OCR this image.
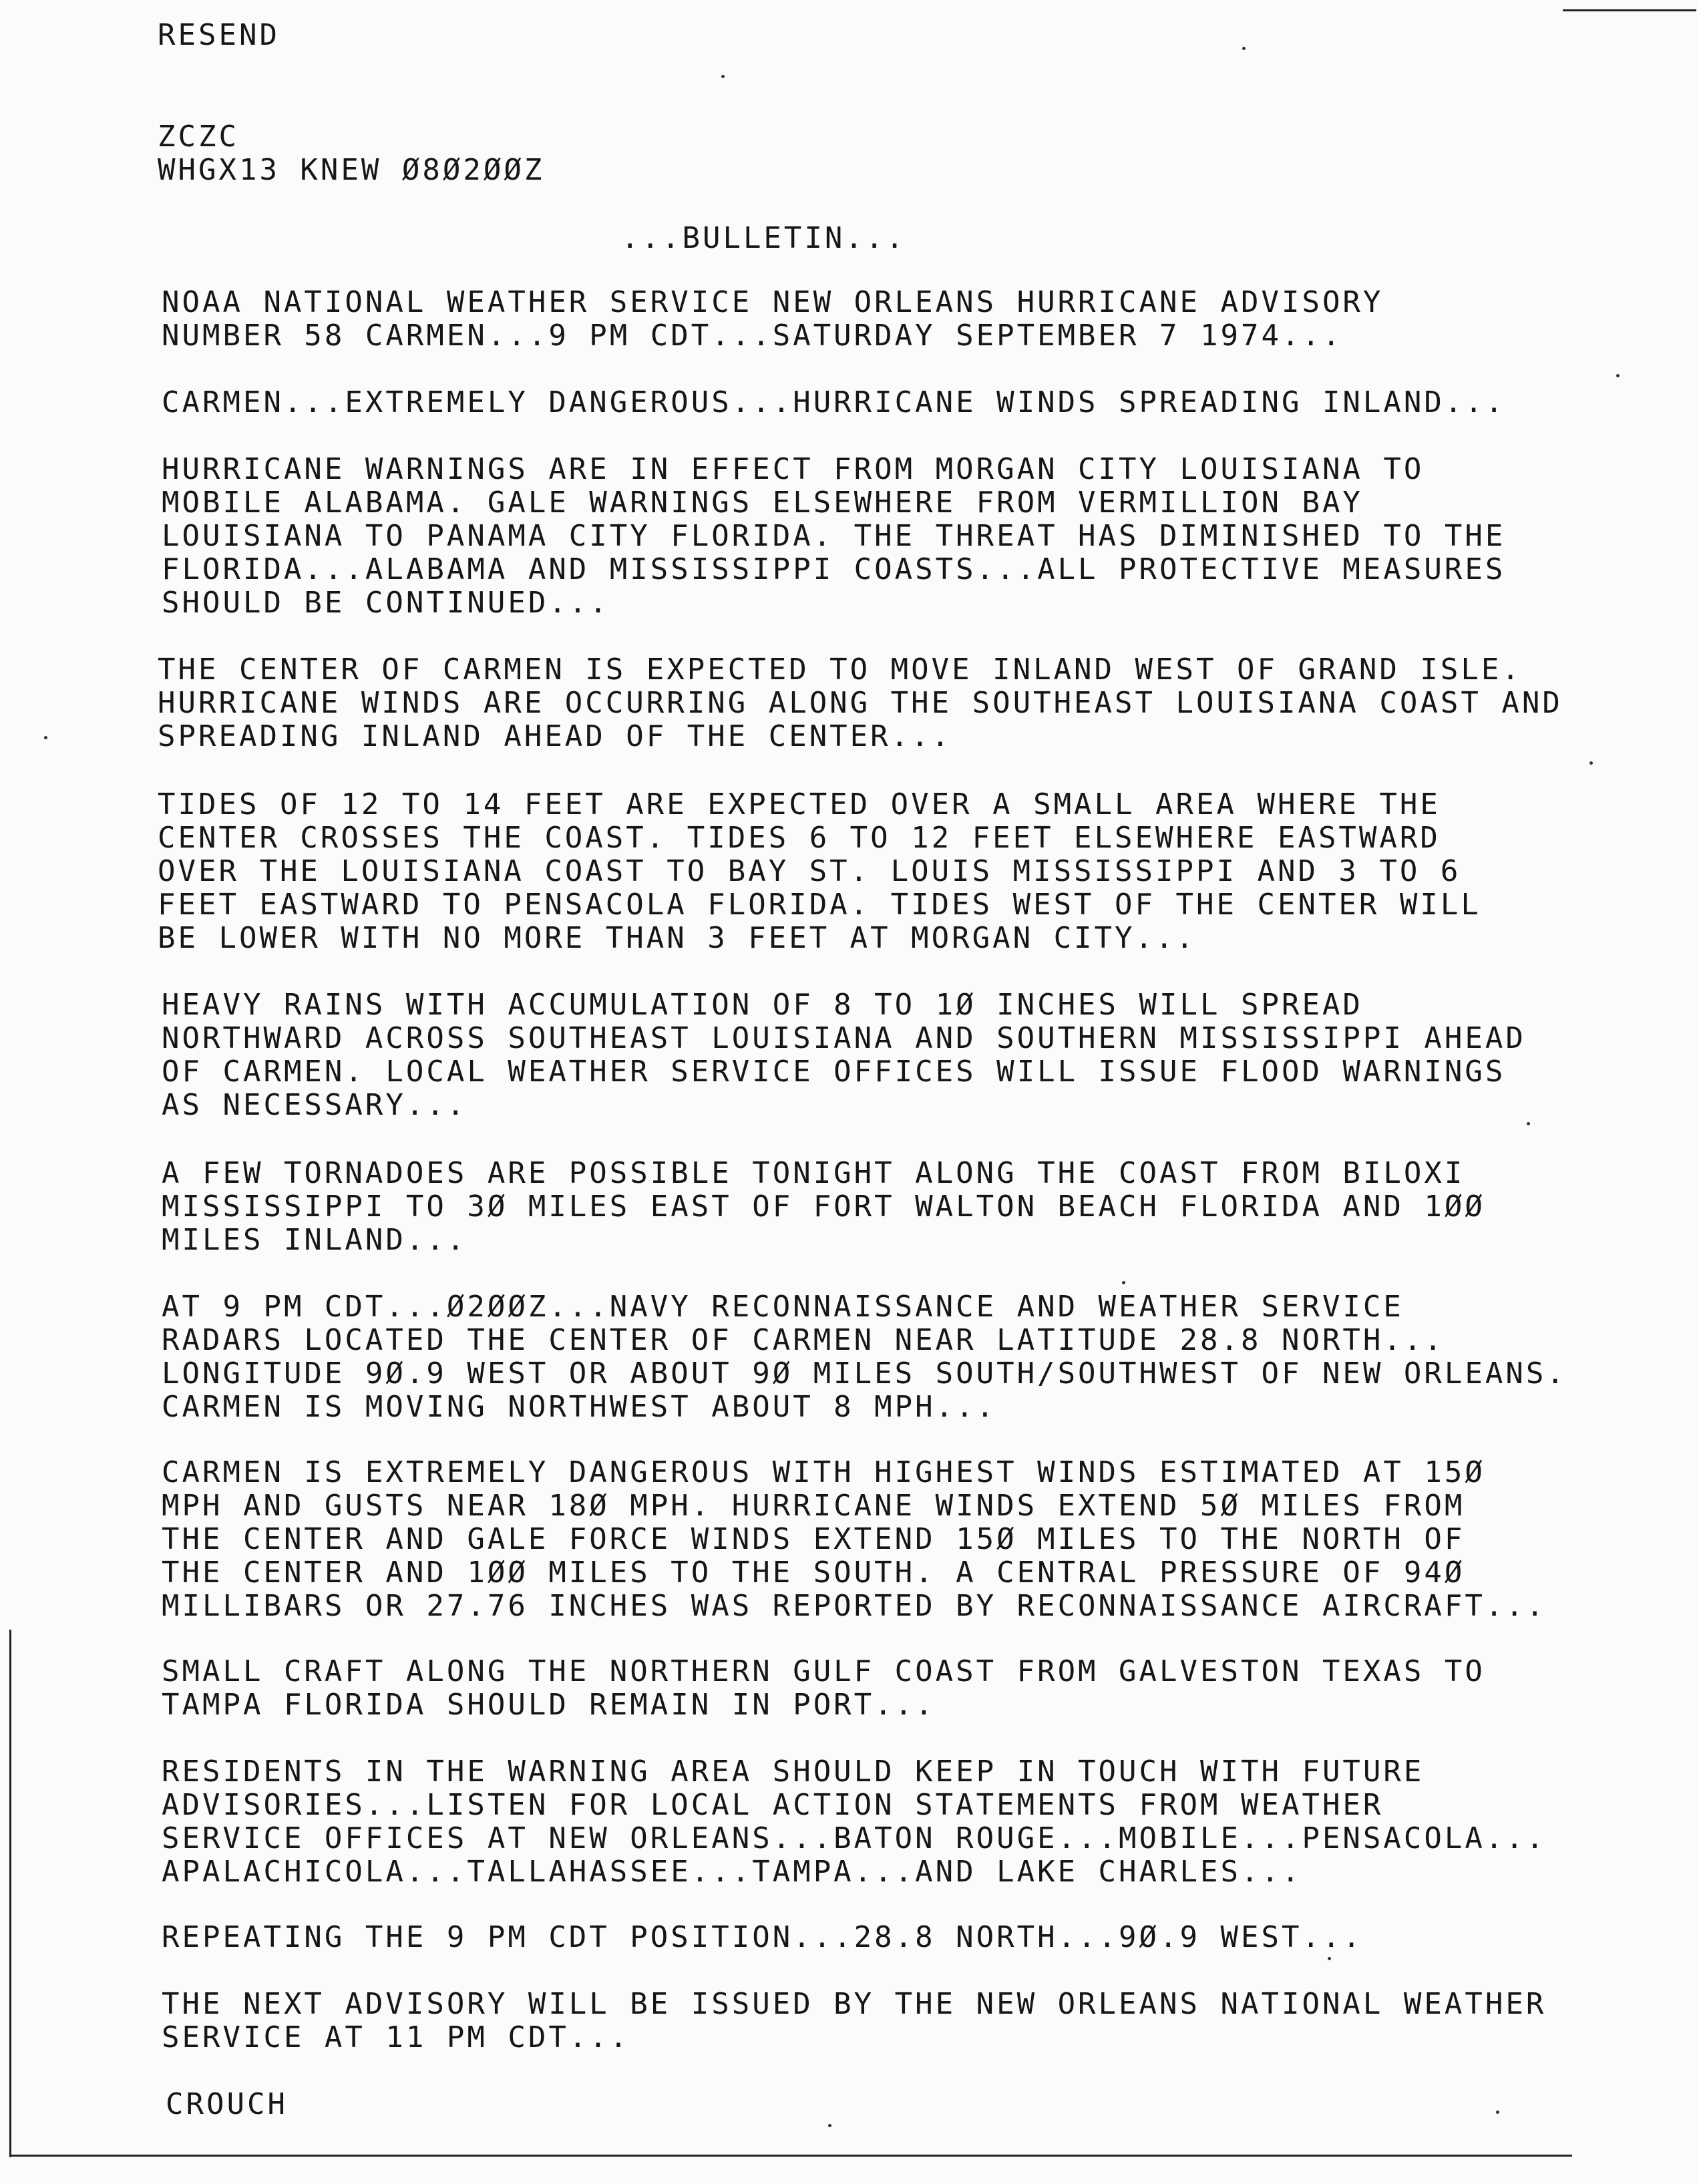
RESEND
ZCZC
WHGX13 KNEW Ø8Ø2ØØZ
...BULLETIN...
NOAA NATIONAL WEATHER SERVICE NEW ORLEANS HURRICANE ADVISORY
NUMBER 58 CARMEN...9 PM CDT...SATURDAY SEPTEMBER 7 1974...
CARMEN...EXTREMELY DANGEROUS...HURRICANE WINDS SPREADING INLAND...
HURRICANE WARNINGS ARE IN EFFECT FROM MORGAN CITY LOUISIANA TO
MOBILE ALABAMA. GALE WARNINGS ELSEWHERE FROM VERMILLION BAY
LOUISIANA TO PANAMA CITY FLORIDA. THE THREAT HAS DIMINISHED TO THE
FLORIDA...ALABAMA AND MISSISSIPPI COASTS...ALL PROTECTIVE MEASURES
SHOULD BE CONTINUED...
THE CENTER OF CARMEN IS EXPECTED TO MOVE INLAND WEST OF GRAND ISLE.
HURRICANE WINDS ARE OCCURRING ALONG THE SOUTHEAST LOUISIANA COAST AND
SPREADING INLAND AHEAD OF THE CENTER...
TIDES OF 12 TO 14 FEET ARE EXPECTED OVER A SMALL AREA WHERE THE
CENTER CROSSES THE COAST. TIDES 6 TO 12 FEET ELSEWHERE EASTWARD
OVER THE LOUISIANA COAST TO BAY ST. LOUIS MISSISSIPPI AND 3 TO 6
FEET EASTWARD TO PENSACOLA FLORIDA. TIDES WEST OF THE CENTER WILL
BE LOWER WITH NO MORE THAN 3 FEET AT MORGAN CITY...
HEAVY RAINS WITH ACCUMULATION OF 8 TO 1Ø INCHES WILL SPREAD
NORTHWARD ACROSS SOUTHEAST LOUISIANA AND SOUTHERN MISSISSIPPI AHEAD
OF CARMEN. LOCAL WEATHER SERVICE OFFICES WILL ISSUE FLOOD WARNINGS
AS NECESSARY...
A FEW TORNADOES ARE POSSIBLE TONIGHT ALONG THE COAST FROM BILOXI
MISSISSIPPI TO 3Ø MILES EAST OF FORT WALTON BEACH FLORIDA AND 1ØØ
MILES INLAND...
AT 9 PM CDT...Ø2ØØZ...NAVY RECONNAISSANCE AND WEATHER SERVICE
RADARS LOCATED THE CENTER OF CARMEN NEAR LATITUDE 28.8 NORTH...
LONGITUDE 9Ø.9 WEST OR ABOUT 9Ø MILES SOUTH/SOUTHWEST OF NEW ORLEANS.
CARMEN IS MOVING NORTHWEST ABOUT 8 MPH...
CARMEN IS EXTREMELY DANGEROUS WITH HIGHEST WINDS ESTIMATED AT 15Ø
MPH AND GUSTS NEAR 18Ø MPH. HURRICANE WINDS EXTEND 5Ø MILES FROM
THE CENTER AND GALE FORCE WINDS EXTEND 15Ø MILES TO THE NORTH OF
THE CENTER AND 1ØØ MILES TO THE SOUTH. A CENTRAL PRESSURE OF 94Ø
MILLIBARS OR 27.76 INCHES WAS REPORTED BY RECONNAISSANCE AIRCRAFT...
SMALL CRAFT ALONG THE NORTHERN GULF COAST FROM GALVESTON TEXAS TO
TAMPA FLORIDA SHOULD REMAIN IN PORT...
RESIDENTS IN THE WARNING AREA SHOULD KEEP IN TOUCH WITH FUTURE
ADVISORIES...LISTEN FOR LOCAL ACTION STATEMENTS FROM WEATHER
SERVICE OFFICES AT NEW ORLEANS...BATON ROUGE...MOBILE...PENSACOLA...
APALACHICOLA...TALLAHASSEE...TAMPA...AND LAKE CHARLES...
REPEATING THE 9 PM CDT POSITION...28.8 NORTH...9Ø.9 WEST...
THE NEXT ADVISORY WILL BE ISSUED BY THE NEW ORLEANS NATIONAL WEATHER
SERVICE AT 11 PM CDT...
CROUCH
